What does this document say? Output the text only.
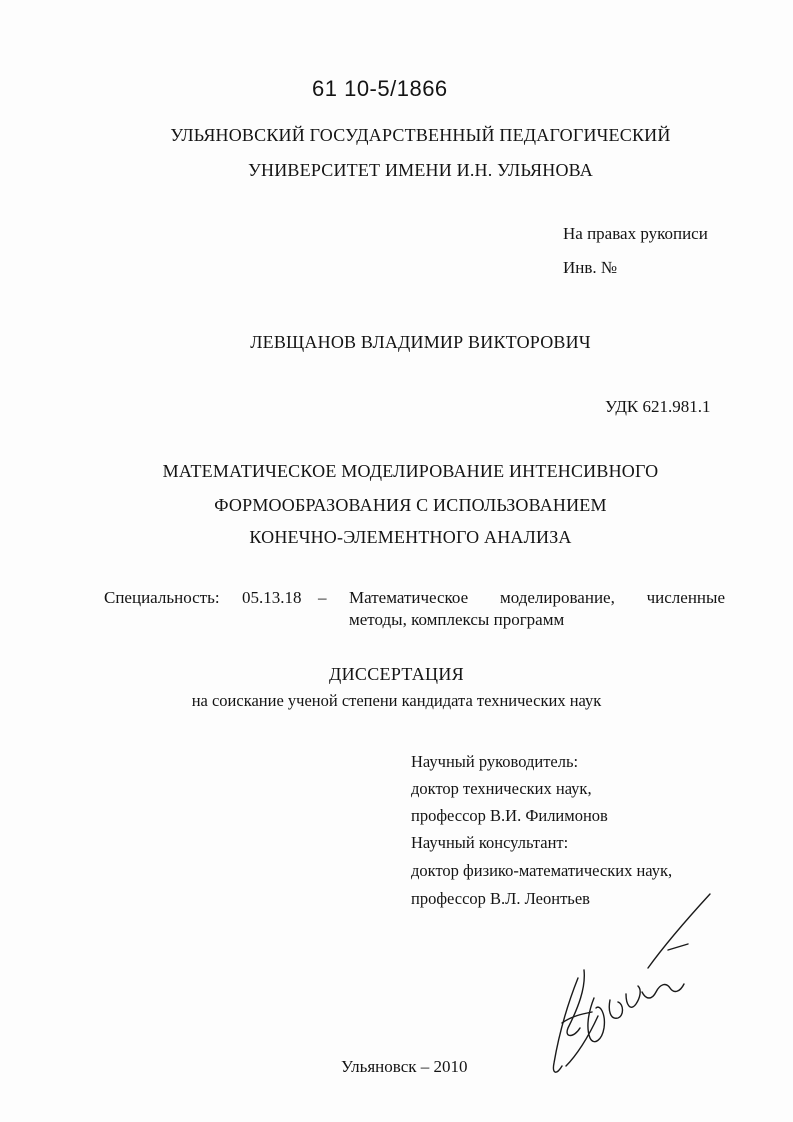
61 10-5/1866
УЛЬЯНОВСКИЙ ГОСУДАРСТВЕННЫЙ ПЕДАГОГИЧЕСКИЙ
УНИВЕРСИТЕТ ИМЕНИ И.Н. УЛЬЯНОВА
На правах рукописи
Инв. №
ЛЕВЩАНОВ ВЛАДИМИР ВИКТОРОВИЧ
УДК 621.981.1
МАТЕМАТИЧЕСКОЕ МОДЕЛИРОВАНИЕ ИНТЕНСИВНОГО
ФОРМООБРАЗОВАНИЯ С ИСПОЛЬЗОВАНИЕМ
КОНЕЧНО-ЭЛЕМЕНТНОГО АНАЛИЗА
Специальность: 05.13.18 – Математическое моделирование, численные
методы, комплексы программ
ДИССЕРТАЦИЯ
на соискание ученой степени кандидата технических наук
Научный руководитель:
доктор технических наук,
профессор В.И. Филимонов
Научный консультант:
доктор физико-математических наук,
профессор В.Л. Леонтьев
Ульяновск – 2010
